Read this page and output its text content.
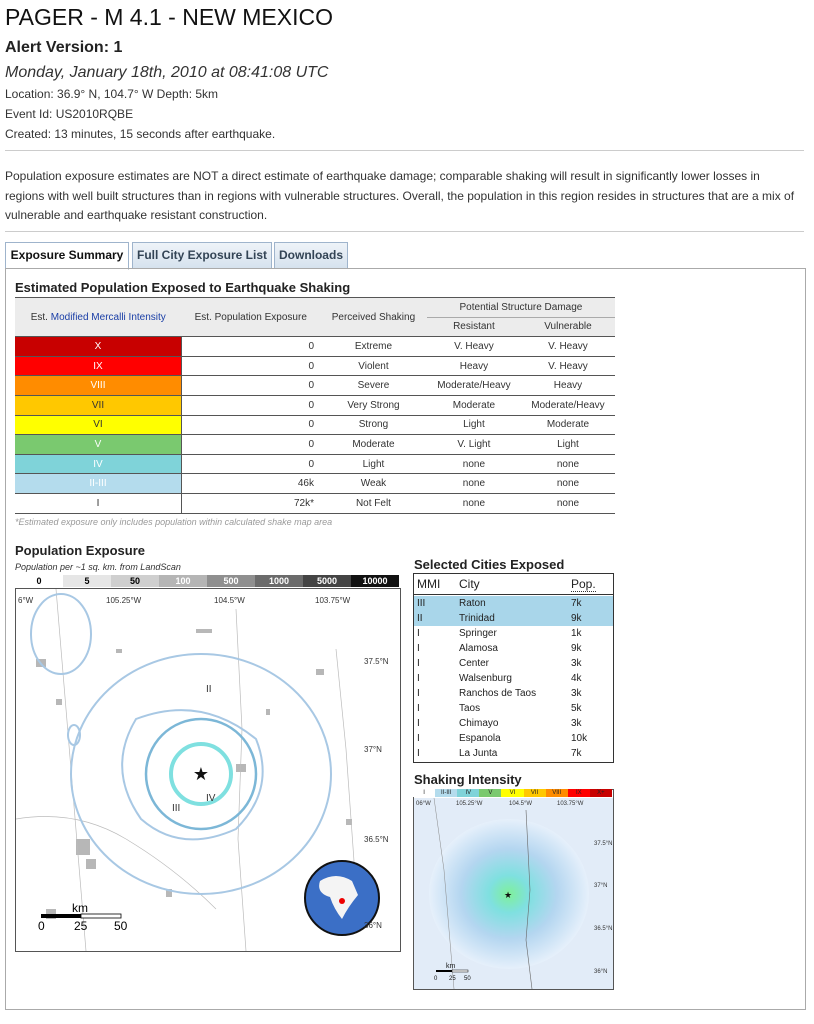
PAGER - M 4.1 - NEW MEXICO
Alert Version: 1
Monday, January 18th, 2010 at 08:41:08 UTC
Location: 36.9° N, 104.7° W Depth: 5km
Event Id: US2010RQBE
Created: 13 minutes, 15 seconds after earthquake.
Population exposure estimates are NOT a direct estimate of earthquake damage; comparable shaking will result in significantly lower losses in regions with well built structures than in regions with vulnerable structures. Overall, the population in this region resides in structures that are a mix of vulnerable and earthquake resistant construction.
Exposure Summary	Full City Exposure List Downloads
Estimated Population Exposed to Earthquake Shaking
Est. Modified Mercalli Intensity	Est. Population Exposure	Perceived Shaking	Potential Structure Damage	
			Resistant	Vulnerable
X	0	Extreme	V. Heavy	V. Heavy
IX	0	Violent	Heavy	V. Heavy
VIII	0	Severe	Moderate/Heavy	Heavy
VII	0	Very Strong	Moderate	Moderate/Heavy
VI	0	Strong	Light	Moderate
V	0	Moderate	V. Light	Light
IV	0	Light	none	none
II-III	46k	Weak	none	none
I	72k*	Not Felt	none	none
*Estimated exposure only includes population within calculated shake map area
Population Exposure
Population per ~1 sq. km. from LandScan
0	5	50	100	500	1000	5000	10000
★
IV
III
II
km
0 25 50
6°W	105.25°W	104.5°W	103.75°W
37.5°N
37°N
36.5°N
36°N
Selected Cities Exposed
MMI City	Pop.
III	Raton	7k
II	Trinidad	9k
I	Springer	1k
I	Alamosa	9k
I	Center	3k
I	Walsenburg	4k
I	Ranchos de Taos	3k
I	Taos	5k
I	Chimayo	3k
I	Espanola	10k
I	La Junta	7k
Shaking Intensity
★
km
0 25 50
06°W	105.25°W	104.5°W	103.75°W
37.5°N
37°N
36.5°N
36°N
I	II-III	IV	V	VI	VII	VIII	IX	X+
